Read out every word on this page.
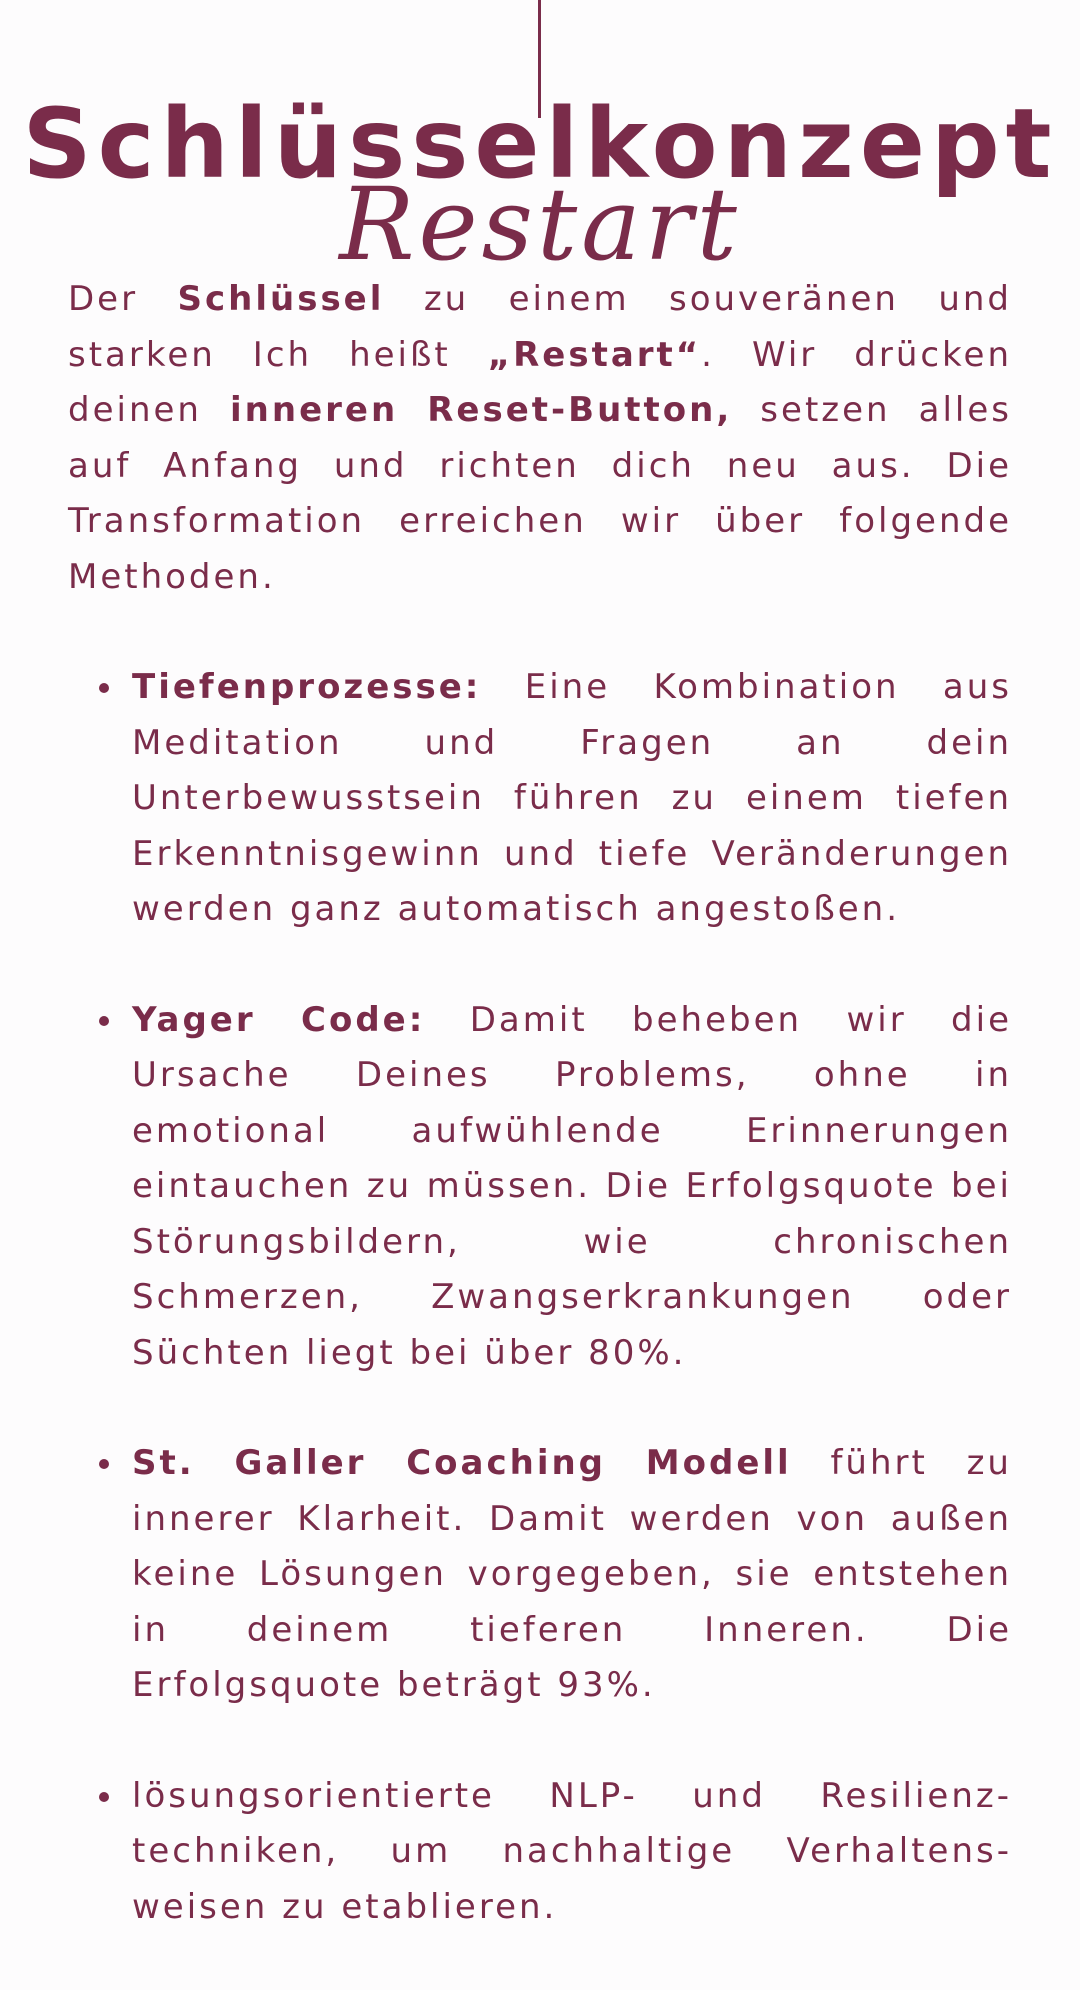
Schlüsselkonzept
Restart

Der Schlüssel zu einem souveränen und starken Ich heißt „Restart“. Wir drücken deinen inneren Reset-Button, setzen alles auf Anfang und richten dich neu aus. Die Transformation erreichen wir über folgende Methoden.

Tiefenprozesse: Eine Kombination aus Meditation und Fragen an dein Unterbewusstsein führen zu einem tiefen Erkenntnisgewinn und tiefe Veränderungen werden ganz automatisch angestoßen.
Yager Code: Damit beheben wir die Ursache Deines Problems, ohne in emotional aufwühlende Erinnerungen eintauchen zu müssen. Die Erfolgsquote bei Störungsbildern, wie chronischen Schmerzen, Zwangserkrankungen oder Süchten liegt bei über 80%.
St. Galler Coaching Modell führt zu innerer Klarheit. Damit werden von außen keine Lösungen vorgegeben, sie entstehen in deinem tieferen Inneren. Die Erfolgsquote beträgt 93%.
lösungsorientierte NLP- und Resilienz-techniken, um nachhaltige Verhaltens-weisen zu etablieren.
